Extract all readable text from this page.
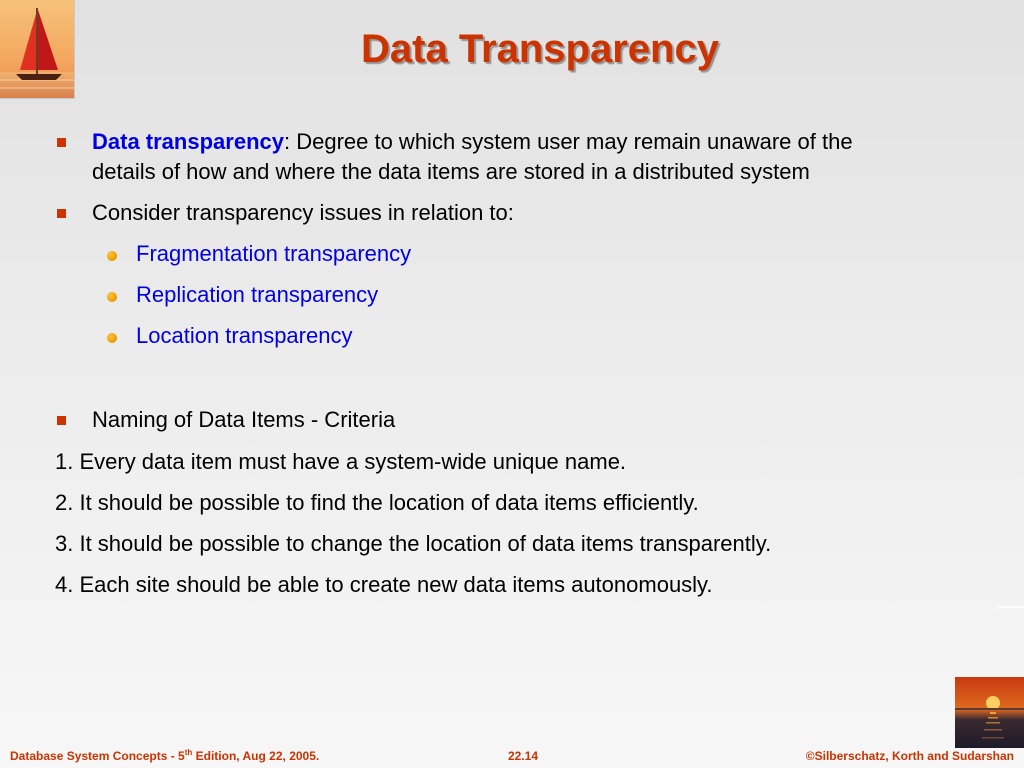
Data Transparency
Data transparency: Degree to which system user may remain unaware of the
details of how and where the data items are stored in a distributed system
Consider transparency issues in relation to:
Fragmentation transparency
Replication transparency
Location transparency
Naming of Data Items - Criteria
1. Every data item must have a system-wide unique name.
2. It should be possible to find the location of data items efficiently.
3. It should be possible to change the location of data items transparently.
4. Each site should be able to create new data items autonomously.
Database System Concepts - 5th Edition, Aug 22, 2005.	22.14	©Silberschatz, Korth and Sudarshan
